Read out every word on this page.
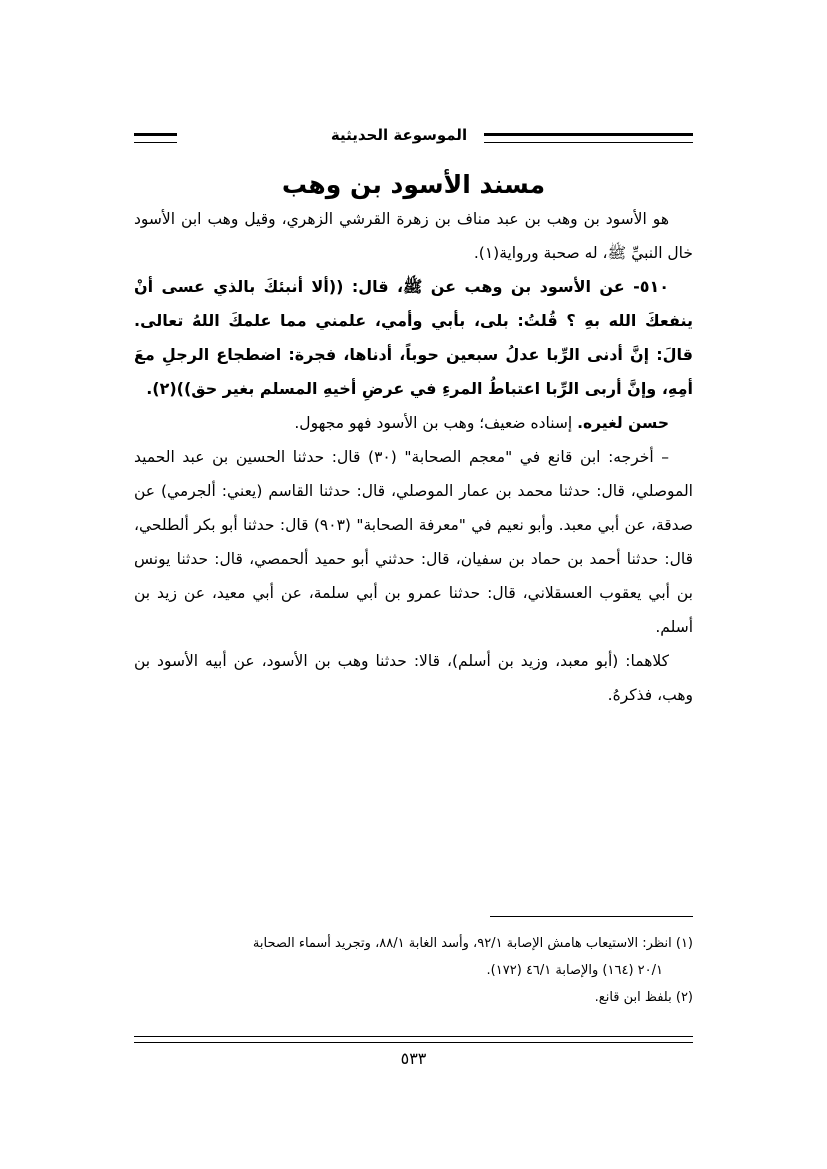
الموسوعة الحديثية
مسند الأسود بن وهب

هو الأسود بن وهب بن عبد مناف بن زهرة القرشي الزهري، وقيل وهب ابن الأسود خال النبيِّ ﷺ، له صحبة ورواية(١).

٥١٠- عن الأسود بن وهب عن ﷺ، قال: ((ألا أنبئكَ بالذي عسى أنْ ينفعكَ الله بهِ ؟ قُلتُ: بلى، بأبي وأمي، علمني مما علمكَ اللهُ تعالى. قالَ: إنَّ أدنى الرِّبا عدلُ سبعين حوباً، أدناها، فجرة: اضطجاع الرجلِ معَ أمِهِ، وإنَّ أربى الرِّبا اعتباطُ المرءِ في عرضِ أخيهِ المسلم بغير حق))(٢).

حسن لغيره. إسناده ضعيف؛ وهب بن الأسود فهو مجهول.

– أخرجه: ابن قانع في "معجم الصحابة" (٣٠) قال: حدثنا الحسين بن عبد الحميد الموصلي، قال: حدثنا محمد بن عمار الموصلي، قال: حدثنا القاسم (يعني: ألجرمي) عن صدقة، عن أبي معبد. وأبو نعيم في "معرفة الصحابة" (٩٠٣) قال: حدثنا أبو بكر ألطلحي، قال: حدثنا أحمد بن حماد بن سفيان، قال: حدثني أبو حميد ألحمصي، قال: حدثنا يونس بن أبي يعقوب العسقلاني، قال: حدثنا عمرو بن أبي سلمة، عن أبي معيد، عن زيد بن أسلم.

كلاهما: (أبو معبد، وزيد بن أسلم)، قالا: حدثنا وهب بن الأسود، عن أبيه الأسود بن وهب، فذكرهُ.

(١) انظر: الاستيعاب هامش الإصابة ٩٢/١، وأسد الغابة ٨٨/١، وتجريد أسماء الصحابة

٢٠/١ (١٦٤) والإصابة ٤٦/١ (١٧٢).

(٢) بلفظ ابن قانع.

٥٣٣
